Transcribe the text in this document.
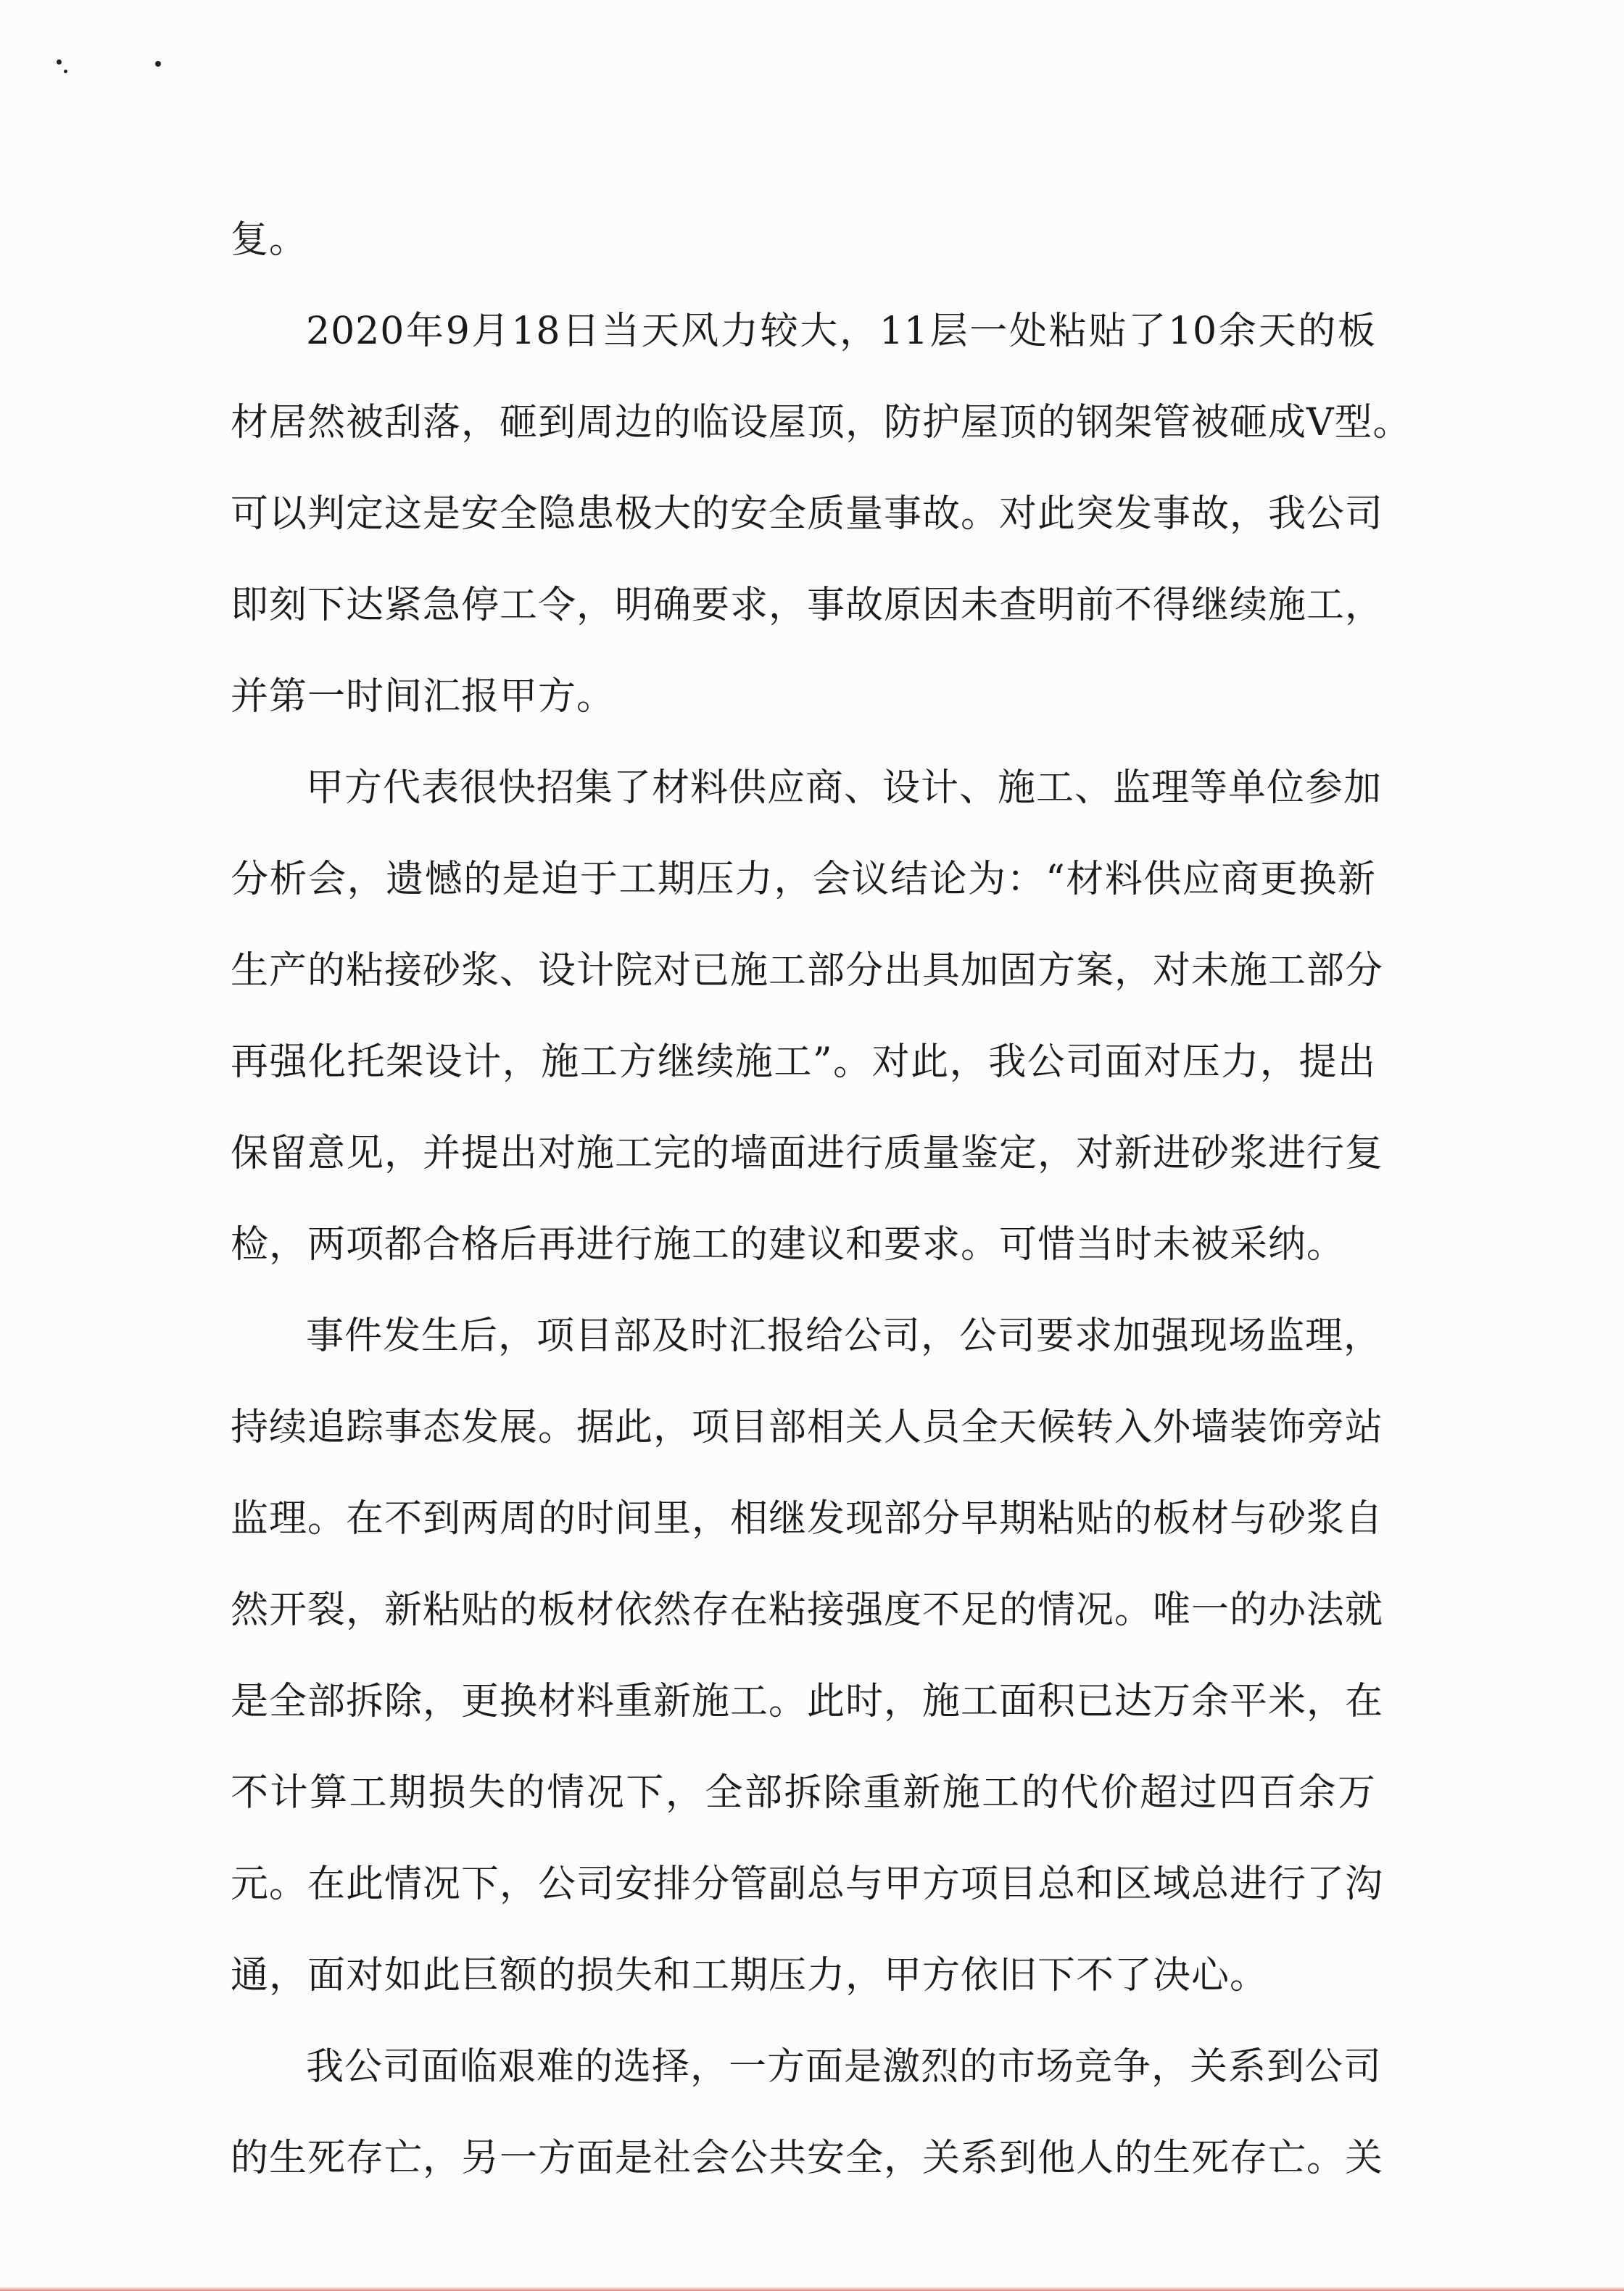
复。
2020年9月18日当天风力较大，11层一处粘贴了10余天的板
材居然被刮落，砸到周边的临设屋顶，防护屋顶的钢架管被砸成V型。
可以判定这是安全隐患极大的安全质量事故。对此突发事故，我公司
即刻下达紧急停工令，明确要求，事故原因未查明前不得继续施工，
并第一时间汇报甲方。
甲方代表很快招集了材料供应商、设计、施工、监理等单位参加
分析会，遗憾的是迫于工期压力，会议结论为：“材料供应商更换新
生产的粘接砂浆、设计院对已施工部分出具加固方案，对未施工部分
再强化托架设计，施工方继续施工”。对此，我公司面对压力，提出
保留意见，并提出对施工完的墙面进行质量鉴定，对新进砂浆进行复
检，两项都合格后再进行施工的建议和要求。可惜当时未被采纳。
事件发生后，项目部及时汇报给公司，公司要求加强现场监理，
持续追踪事态发展。据此，项目部相关人员全天候转入外墙装饰旁站
监理。在不到两周的时间里，相继发现部分早期粘贴的板材与砂浆自
然开裂，新粘贴的板材依然存在粘接强度不足的情况。唯一的办法就
是全部拆除，更换材料重新施工。此时，施工面积已达万余平米，在
不计算工期损失的情况下，全部拆除重新施工的代价超过四百余万
元。在此情况下，公司安排分管副总与甲方项目总和区域总进行了沟
通，面对如此巨额的损失和工期压力，甲方依旧下不了决心。
我公司面临艰难的选择，一方面是激烈的市场竞争，关系到公司
的生死存亡，另一方面是社会公共安全，关系到他人的生死存亡。关
